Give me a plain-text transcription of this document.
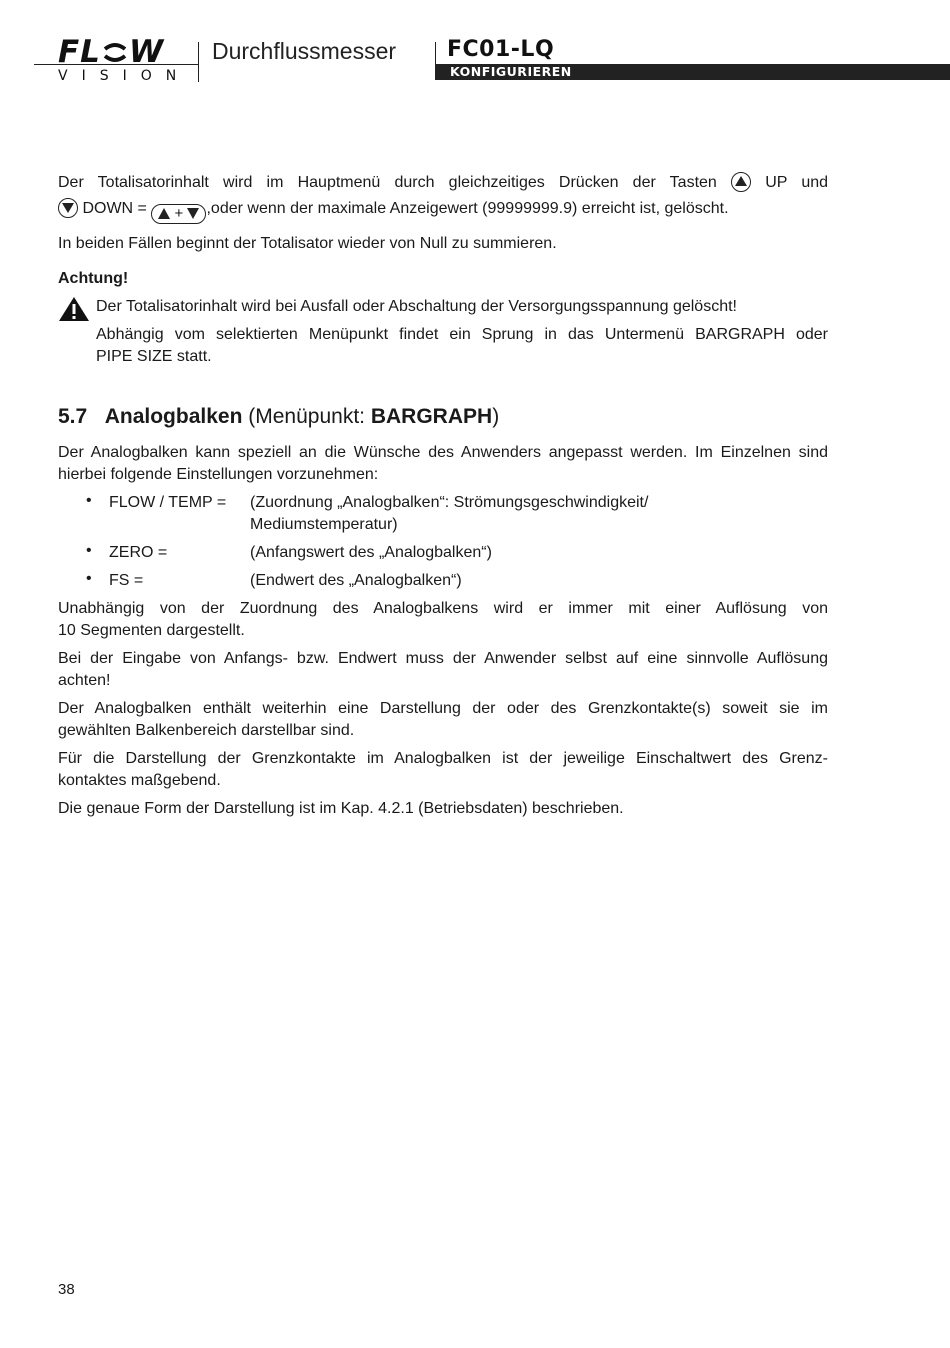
FL W
VISION
Durchflussmesser FC01-LQ
KONFIGURIEREN
Der Totalisatorinhalt wird im Hauptmenü durch gleichzeitiges Drücken der Tasten	UP und
DOWN = + ,oder wenn der maximale Anzeigewert (99999999.9) erreicht ist, gelöscht.
In beiden Fällen beginnt der Totalisator wieder von Null zu summieren.
Achtung!
Der Totalisatorinhalt wird bei Ausfall oder Abschaltung der Versorgungsspannung gelöscht!
Abhängig vom selektierten Menüpunkt findet ein Sprung in das Untermenü BARGRAPH oder
PIPE SIZE statt.
5.7 Analogbalken (Menüpunkt: BARGRAPH)
Der Analogbalken kann speziell an die Wünsche des Anwenders angepasst werden. Im Einzelnen sind
hierbei folgende Einstellungen vorzunehmen:
• FLOW / TEMP = (Zuordnung „Analogbalken“: Strömungsgeschwindigkeit/
Mediumstemperatur)
• ZERO =	(Anfangswert des „Analogbalken“)
• FS =	(Endwert des „Analogbalken“)
Unabhängig von der Zuordnung des Analogbalkens wird er immer mit einer Auflösung von
10 Segmenten dargestellt.
Bei der Eingabe von Anfangs- bzw. Endwert muss der Anwender selbst auf eine sinnvolle Auflösung
achten!
Der Analogbalken enthält weiterhin eine Darstellung der oder des Grenzkontakte(s) soweit sie im
gewählten Balkenbereich darstellbar sind.
Für die Darstellung der Grenzkontakte im Analogbalken ist der jeweilige Einschaltwert des Grenz-
kontaktes maßgebend.
Die genaue Form der Darstellung ist im Kap. 4.2.1 (Betriebsdaten) beschrieben.
38
